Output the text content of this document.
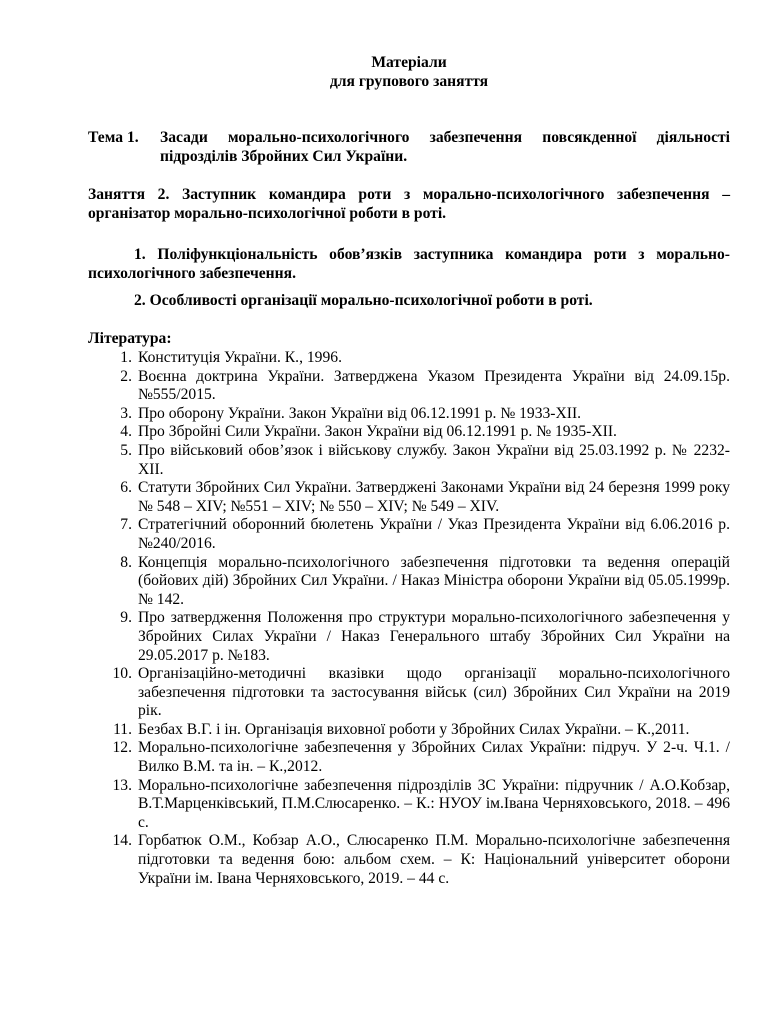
Матеріали
для групового заняття

Тема 1.	Засади морально-психологічного забезпечення повсякденної діяльності підрозділів Збройних Сил України.

Заняття 2. Заступник командира роти з морально-психологічного забезпечення – організатор морально-психологічної роботи в роті.

1. Поліфункціональність обов’язків заступника командира роти з морально-психологічного забезпечення.

2. Особливості організації морально-психологічної роботи в роті.

Література:

1. Конституція України. К., 1996.
2. Воєнна доктрина України. Затверджена Указом Президента України від 24.09.15р. №555/2015.
3. Про оборону України. Закон України від 06.12.1991 р. № 1933-XII.
4. Про Збройні Сили України. Закон України від 06.12.1991 р. № 1935-XII.
5. Про військовий обов’язок і військову службу. Закон України від 25.03.1992 р. № 2232-XII.
6. Статути Збройних Сил України. Затверджені Законами України від 24 березня 1999 року № 548 – XIV; №551 – XIV; № 550 – XIV; № 549 – XIV.
7. Стратегічний оборонний бюлетень України / Указ Президента України від 6.06.2016 р. №240/2016.
8. Концепція морально-психологічного забезпечення підготовки та ведення операцій (бойових дій) Збройних Сил України. / Наказ Міністра оборони України від 05.05.1999р. № 142.
9. Про затвердження Положення про структури морально-психологічного забезпечення у Збройних Силах України / Наказ Генерального штабу Збройних Сил України на 29.05.2017 р. №183.
10. Організаційно-методичні вказівки щодо організації морально-психологічного забезпечення підготовки та застосування військ (сил) Збройних Сил України на 2019 рік.
11. Безбах В.Г. і ін. Організація виховної роботи у Збройних Силах України. – К.,2011.
12. Морально-психологічне забезпечення у Збройних Силах України: підруч. У 2-ч. Ч.1. / Вилко В.М. та ін. – К.,2012.
13. Морально-психологічне забезпечення підрозділів ЗС України: підручник / А.О.Кобзар, В.Т.Марценківський, П.М.Слюсаренко. – К.: НУОУ ім.Івана Черняховського, 2018. – 496 с.
14. Горбатюк О.М., Кобзар А.О., Слюсаренко П.М. Морально-психологічне забезпечення підготовки та ведення бою: альбом схем. – К: Національний університет оборони України ім. Івана Черняховського, 2019. – 44 с.
